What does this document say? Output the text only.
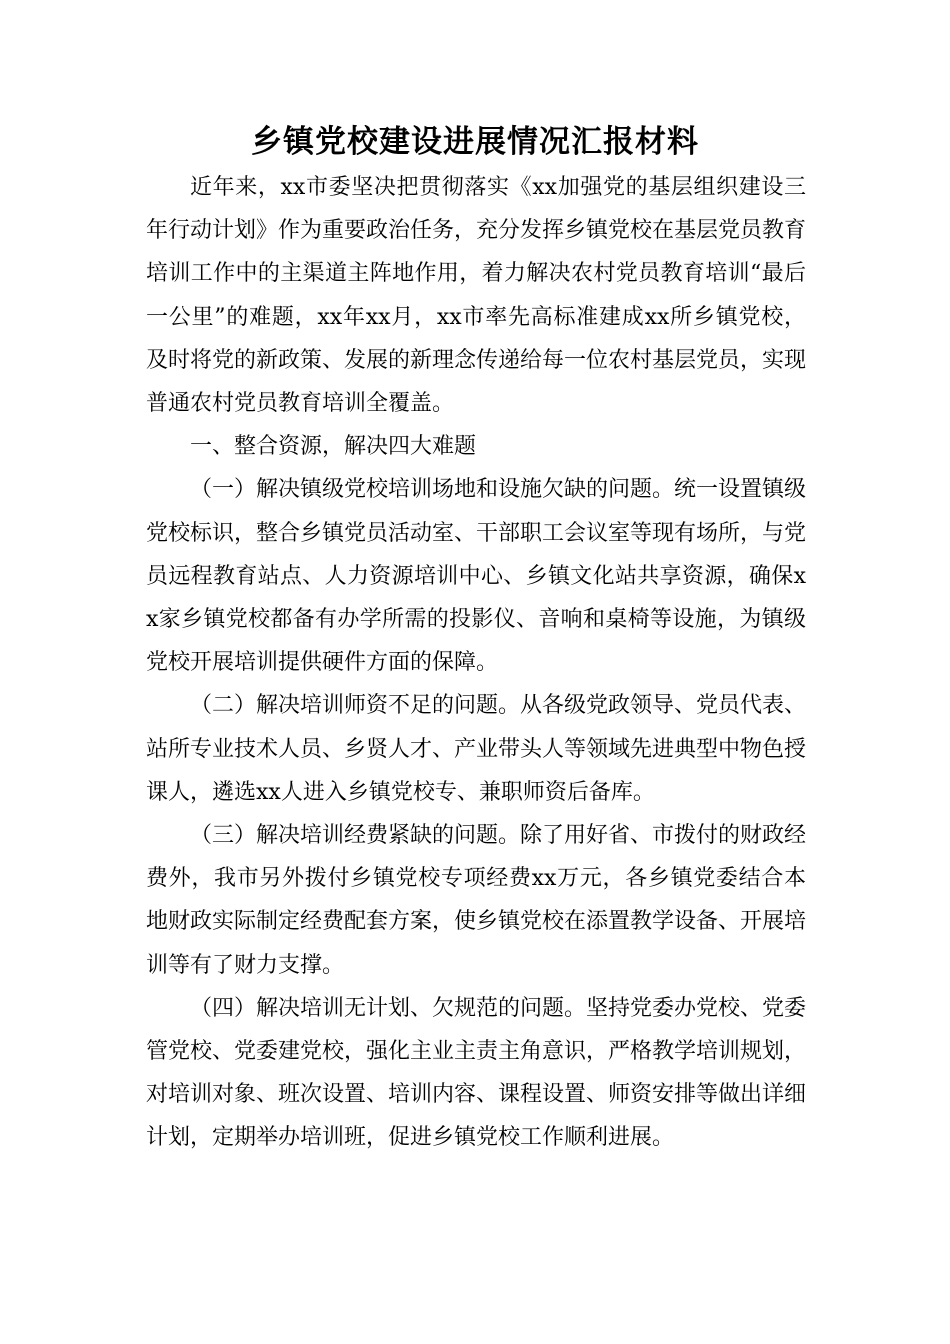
乡镇党校建设进展情况汇报材料

近年来，xx市委坚决把贯彻落实《xx加强党的基层组织建设三年行动计划》作为重要政治任务，充分发挥乡镇党校在基层党员教育培训工作中的主渠道主阵地作用，着力解决农村党员教育培训“最后一公里”的难题，xx年xx月，xx市率先高标准建成xx所乡镇党校，及时将党的新政策、发展的新理念传递给每一位农村基层党员，实现普通农村党员教育培训全覆盖。

一、整合资源，解决四大难题

（一）解决镇级党校培训场地和设施欠缺的问题。统一设置镇级党校标识，整合乡镇党员活动室、干部职工会议室等现有场所，与党员远程教育站点、人力资源培训中心、乡镇文化站共享资源，确保xx家乡镇党校都备有办学所需的投影仪、音响和桌椅等设施，为镇级党校开展培训提供硬件方面的保障。

（二）解决培训师资不足的问题。从各级党政领导、党员代表、站所专业技术人员、乡贤人才、产业带头人等领域先进典型中物色授课人，遴选xx人进入乡镇党校专、兼职师资后备库。

（三）解决培训经费紧缺的问题。除了用好省、市拨付的财政经费外，我市另外拨付乡镇党校专项经费xx万元，各乡镇党委结合本地财政实际制定经费配套方案，使乡镇党校在添置教学设备、开展培训等有了财力支撑。

（四）解决培训无计划、欠规范的问题。坚持党委办党校、党委管党校、党委建党校，强化主业主责主角意识，严格教学培训规划，对培训对象、班次设置、培训内容、课程设置、师资安排等做出详细计划，定期举办培训班，促进乡镇党校工作顺利进展。
